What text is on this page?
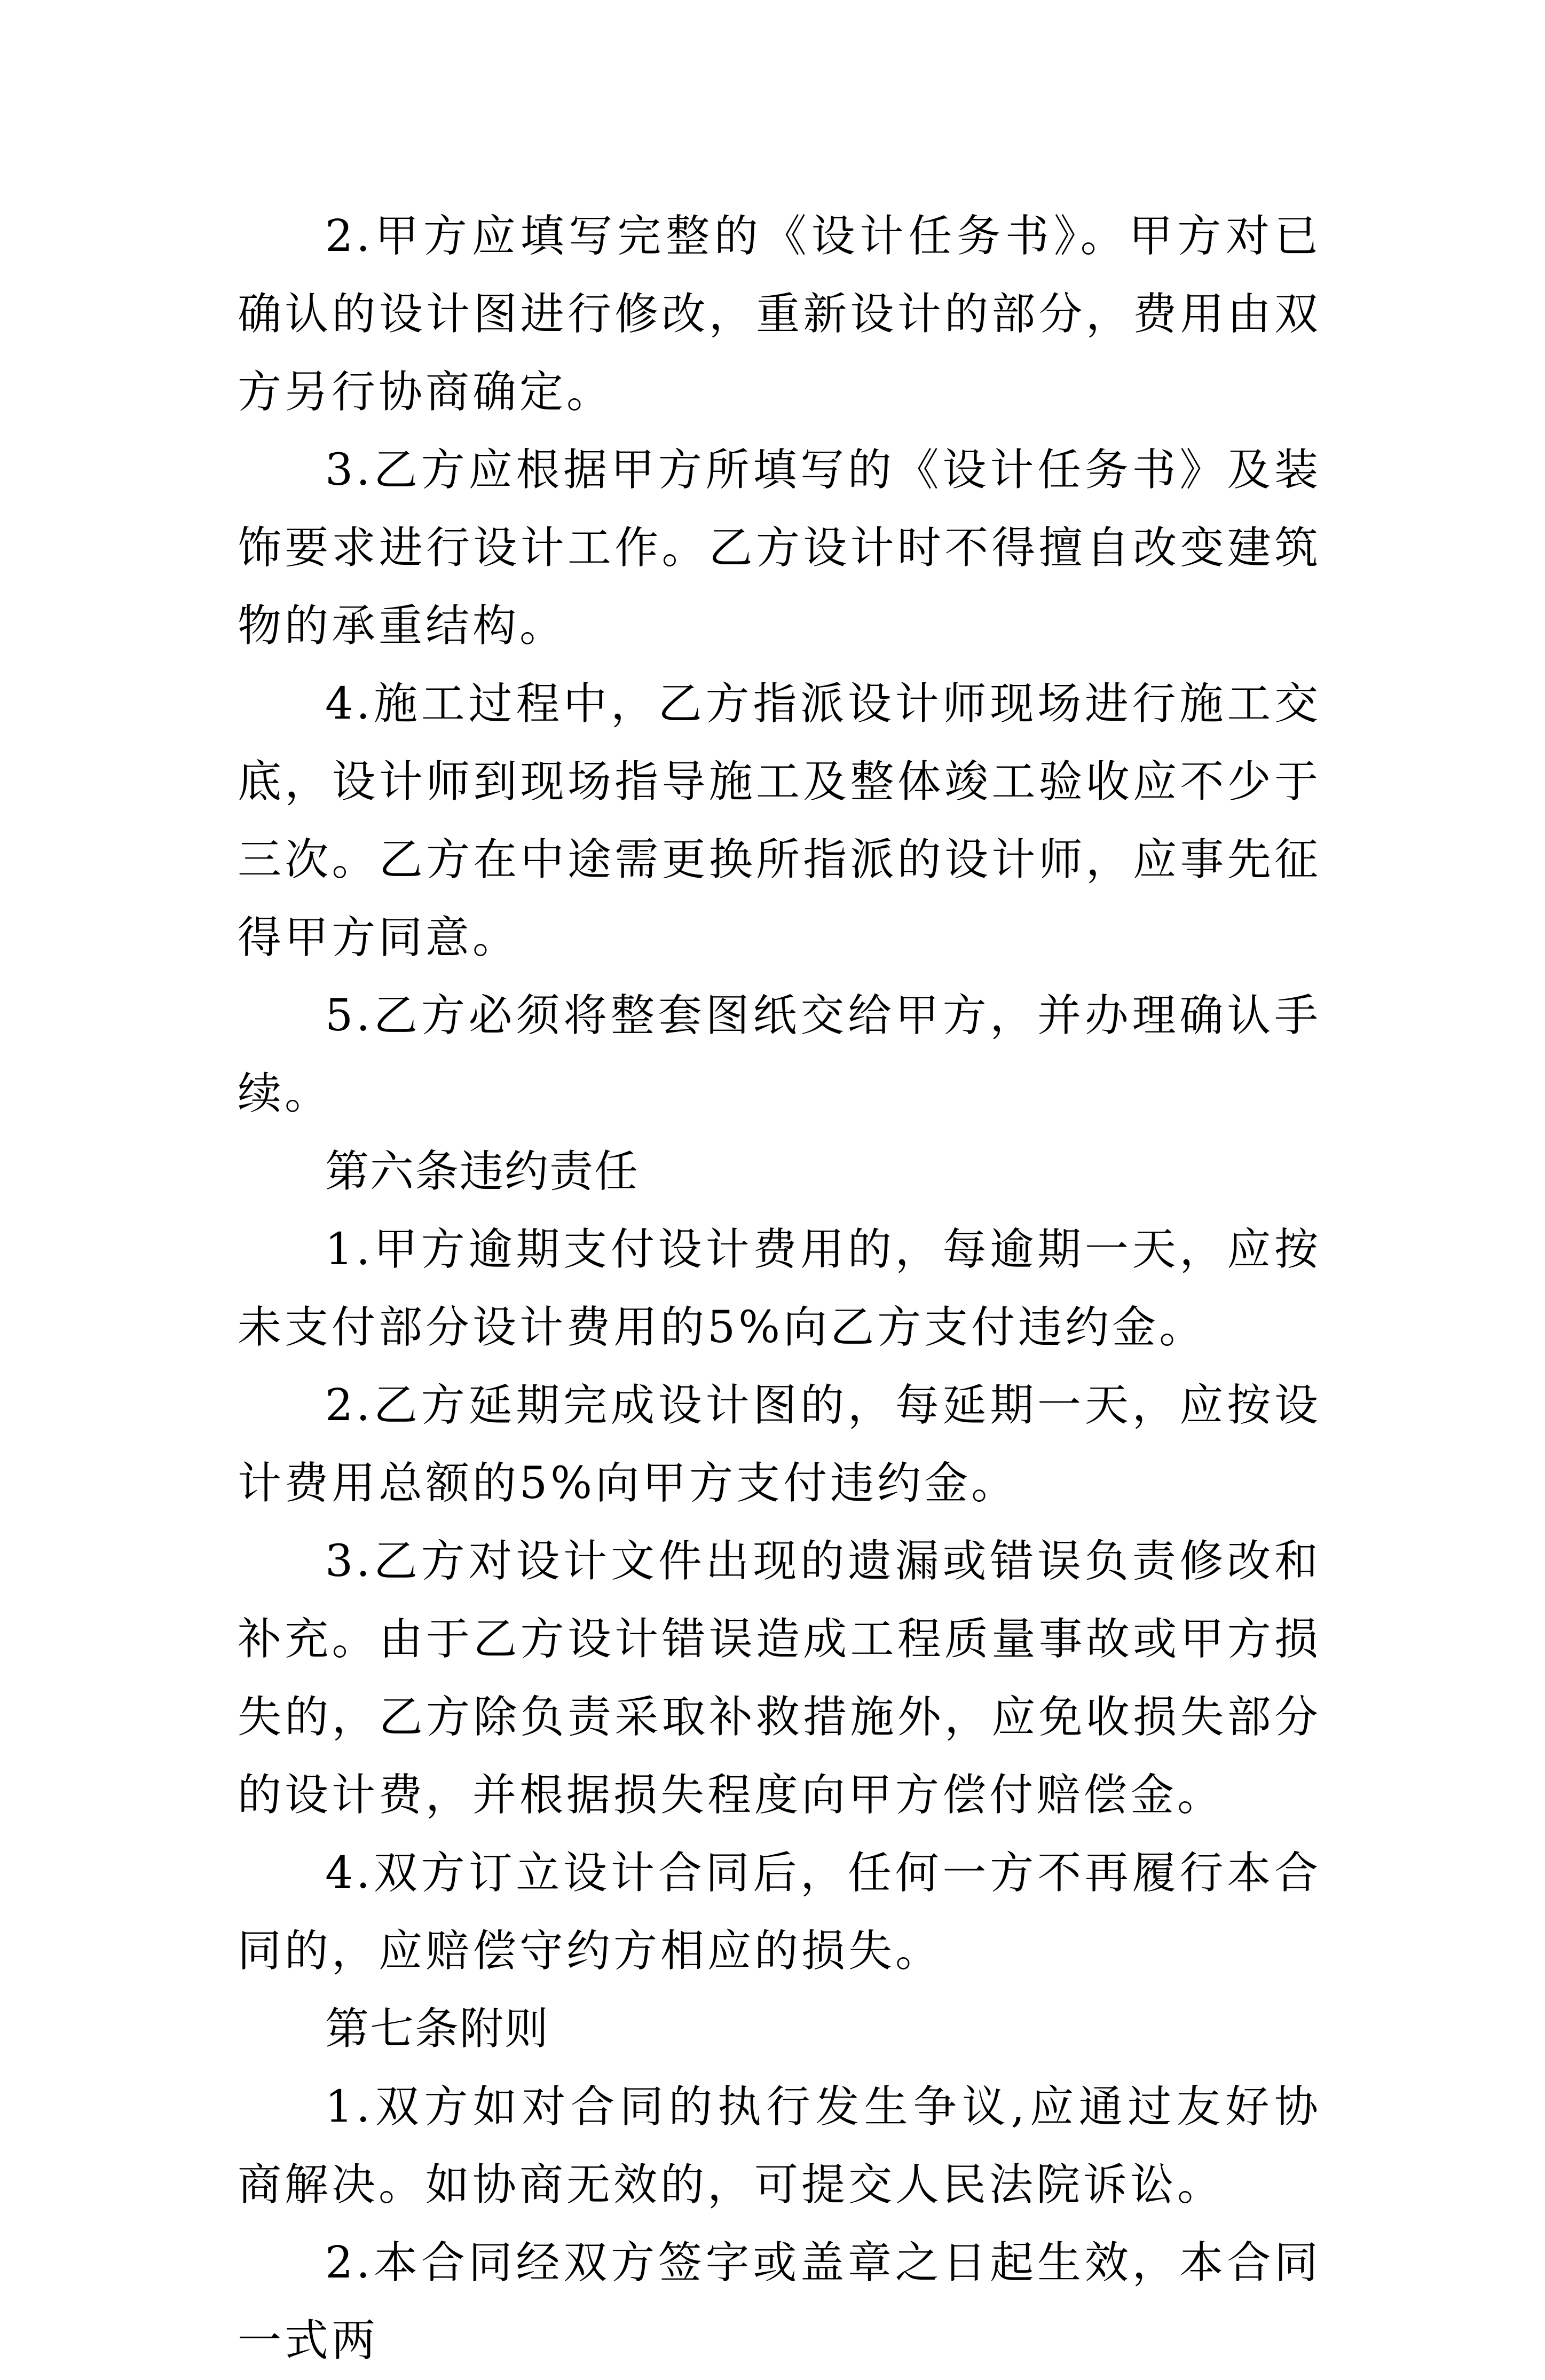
2.甲方应填写完整的《设计任务书》。甲方对已确认的设计图进行修改，重新设计的部分，费用由双方另行协商确定。

3.乙方应根据甲方所填写的《设计任务书》及装饰要求进行设计工作。乙方设计时不得擅自改变建筑物的承重结构。

4.施工过程中，乙方指派设计师现场进行施工交底，设计师到现场指导施工及整体竣工验收应不少于三次。乙方在中途需更换所指派的设计师，应事先征得甲方同意。

5.乙方必须将整套图纸交给甲方，并办理确认手续。

第六条违约责任

1.甲方逾期支付设计费用的，每逾期一天，应按未支付部分设计费用的5%向乙方支付违约金。

2.乙方延期完成设计图的，每延期一天，应按设计费用总额的5%向甲方支付违约金。

3.乙方对设计文件出现的遗漏或错误负责修改和补充。由于乙方设计错误造成工程质量事故或甲方损失的，乙方除负责采取补救措施外，应免收损失部分的设计费，并根据损失程度向甲方偿付赔偿金。

4.双方订立设计合同后，任何一方不再履行本合同的，应赔偿守约方相应的损失。

第七条附则

1.双方如对合同的执行发生争议,应通过友好协商解决。如协商无效的，可提交人民法院诉讼。

2.本合同经双方签字或盖章之日起生效，本合同一式两
